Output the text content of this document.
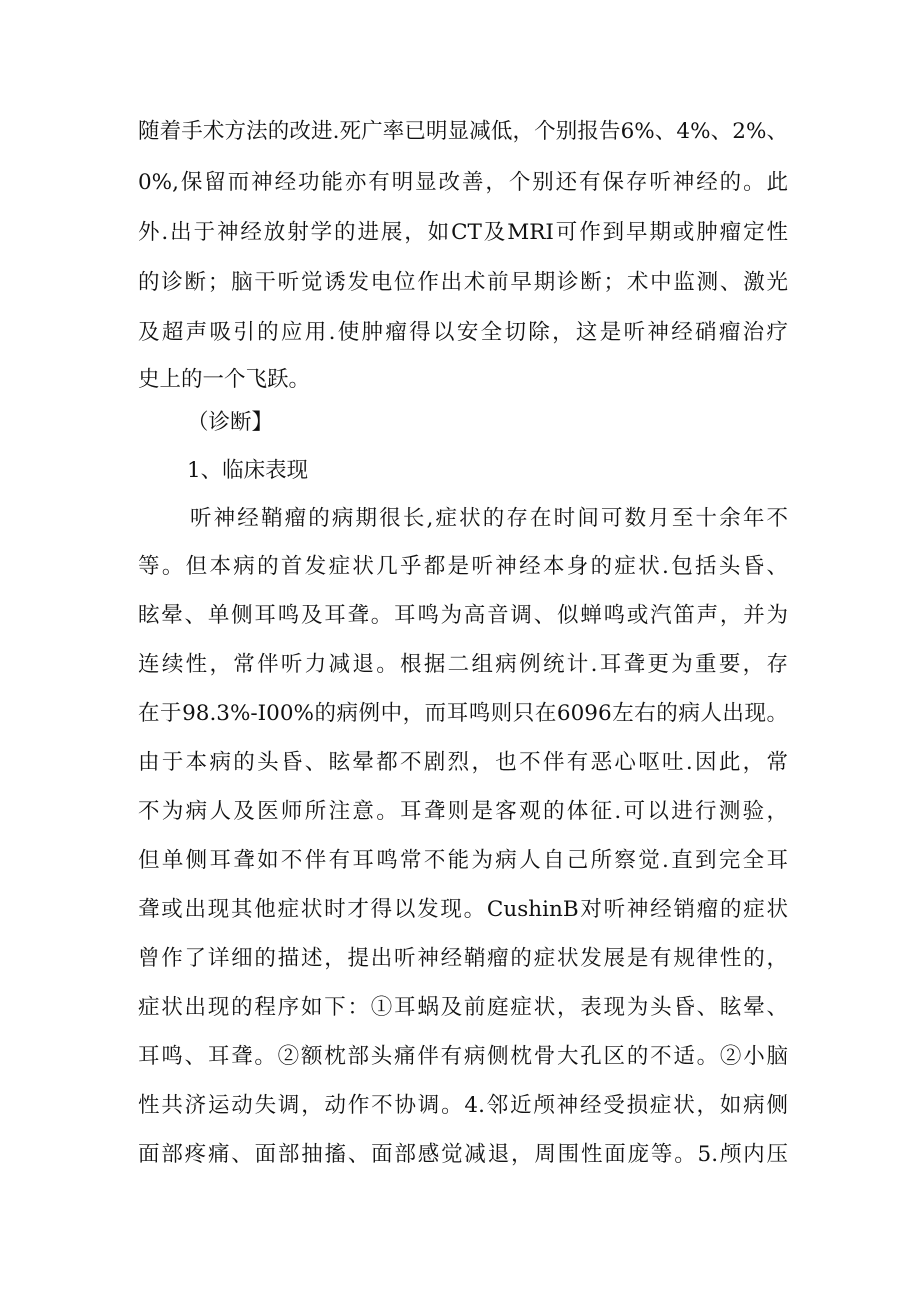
随着手术方法的改进.死广率已明显减低，个别报告6%、4%、2%、
0%,保留而神经功能亦有明显改善，个别还有保存听神经的。此
外.出于神经放射学的进展，如CT及MRI可作到早期或肿瘤定性
的诊断；脑干听觉诱发电位作出术前早期诊断；术中监测、激光
及超声吸引的应用.使肿瘤得以安全切除，这是听神经硝瘤治疗
史上的一个飞跃。
（诊断】
1、临床表现
听神经鞘瘤的病期很长,症状的存在时间可数月至十余年不
等。但本病的首发症状几乎都是听神经本身的症状.包括头昏、
眩晕、单侧耳鸣及耳聋。耳鸣为高音调、似蝉鸣或汽笛声，并为
连续性，常伴听力减退。根据二组病例统计.耳聋更为重要，存
在于98.3%-I00%的病例中，而耳鸣则只在6096左右的病人出现。
由于本病的头昏、眩晕都不剧烈，也不伴有恶心呕吐.因此，常
不为病人及医师所注意。耳聋则是客观的体征.可以进行测验，
但单侧耳聋如不伴有耳鸣常不能为病人自己所察觉.直到完全耳
聋或出现其他症状时才得以发现。CushinB对听神经销瘤的症状
曾作了详细的描述，提出听神经鞘瘤的症状发展是有规律性的，
症状出现的程序如下：①耳蜗及前庭症状，表现为头昏、眩晕、
耳鸣、耳聋。②额枕部头痛伴有病侧枕骨大孔区的不适。②小脑
性共济运动失调，动作不协调。4.邻近颅神经受损症状，如病侧
面部疼痛、面部抽搐、面部感觉减退，周围性面庞等。5.颅内压
